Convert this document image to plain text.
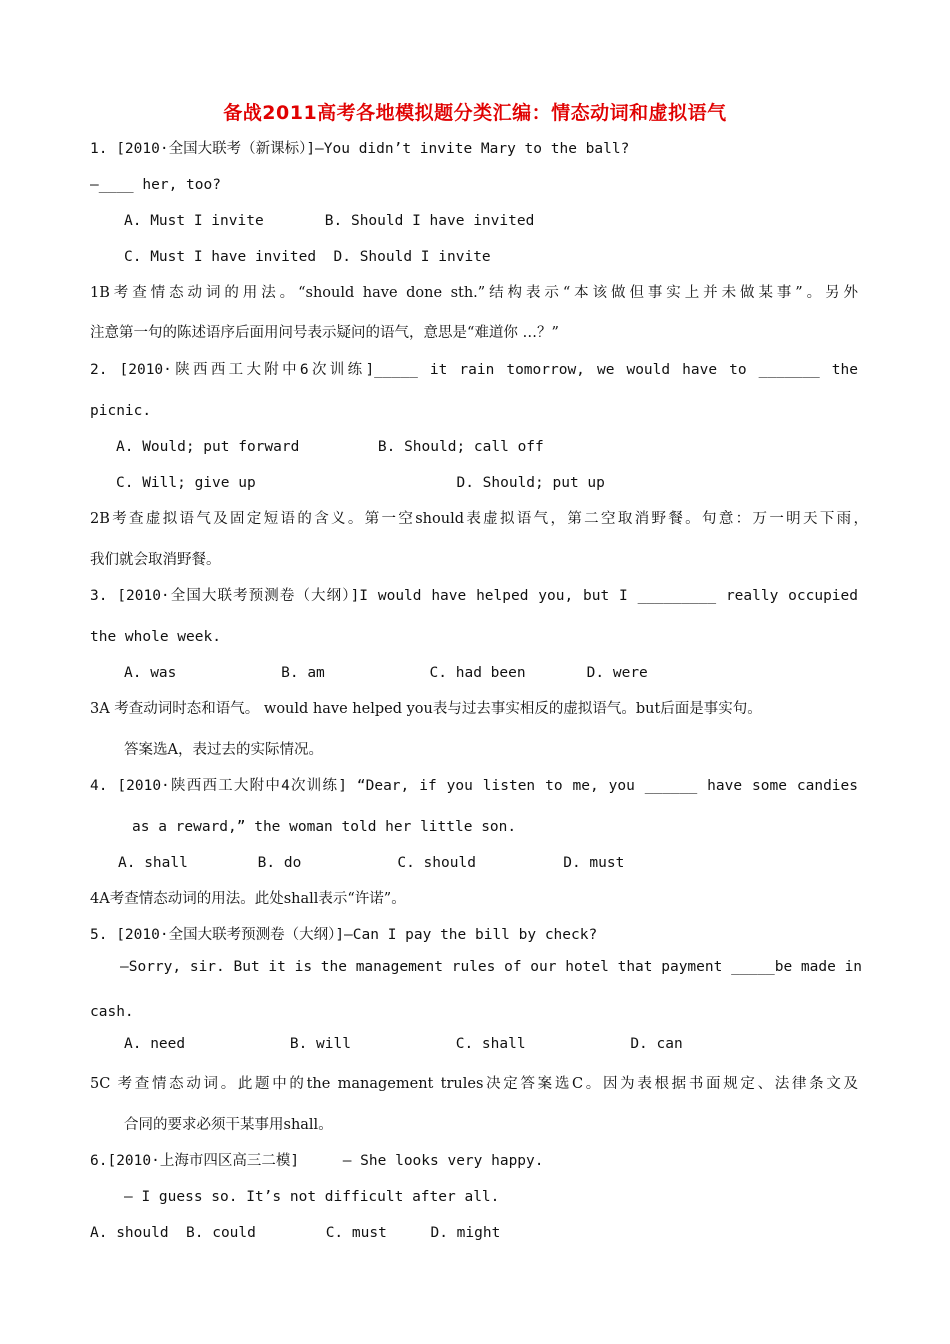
备战2011高考各地模拟题分类汇编：情态动词和虚拟语气
1. [2010·全国大联考（新课标）]—You didn’t invite Mary to the ball?
—____ her, too?
A. Must I invite       B. Should I have invited
C. Must I have invited  D. Should I invite
1B考查情态动词的用法。“should have done sth.”结构表示“本该做但事实上并未做某事”。另外
注意第一句的陈述语序后面用问号表示疑问的语气，意思是“难道你 …？”
2. [2010·陕西西工大附中6次训练]_____ it rain tomorrow, we would have to _______ the
picnic.
A. Would; put forward         B. Should; call off
C. Will; give up                       D. Should; put up
2B考查虚拟语气及固定短语的含义。第一空should表虚拟语气，第二空取消野餐。句意：万一明天下雨，
我们就会取消野餐。
3. [2010·全国大联考预测卷（大纲）]I would have helped you, but I _________ really occupied
the whole week.
A. was            B. am            C. had been       D. were
3A 考查动词时态和语气。 would have helped you表与过去事实相反的虚拟语气。but后面是事实句。
答案选A，表过去的实际情况。
4. [2010·陕西西工大附中4次训练] “Dear, if you listen to me, you ______ have some candies
as a reward,” the woman told her little son.
A. shall        B. do           C. should          D. must
4A考查情态动词的用法。此处shall表示“许诺”。
5. [2010·全国大联考预测卷（大纲）]—Can I pay the bill by check?
—Sorry, sir. But it is the management rules of our hotel that payment _____be made in
cash.
A. need            B. will            C. shall            D. can
5C 考查情态动词。此题中的the management trules决定答案选C。因为表根据书面规定、法律条文及
合同的要求必须干某事用shall。
6.[2010·上海市四区高三二模]     — She looks very happy.
— I guess so. It’s not difficult after all.
A. should  B. could        C. must     D. might
